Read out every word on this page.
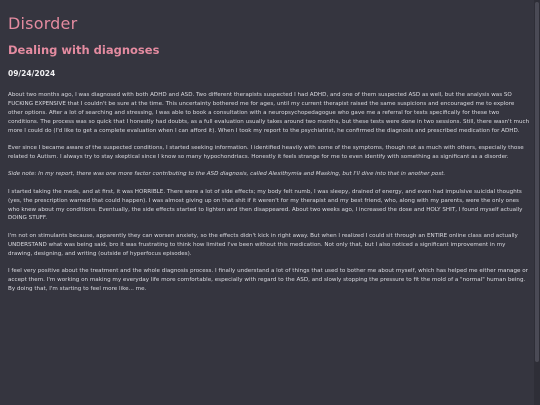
Disorder
Dealing with diagnoses
09/24/2024

About two months ago, I was diagnosed with both ADHD and ASD. Two different therapists suspected I had ADHD, and one of them suspected ASD as well, but the analysis was SO FUCKING EXPENSIVE that I couldn't be sure at the time. This uncertainty bothered me for ages, until my current therapist raised the same suspicions and encouraged me to explore other options. After a lot of searching and stressing, I was able to book a consultation with a neuropsychopedagogue who gave me a referral for tests specifically for these two conditions. The process was so quick that I honestly had doubts, as a full evaluation usually takes around two months, but these tests were done in two sessions. Still, there wasn't much more I could do (I'd like to get a complete evaluation when I can afford it). When I took my report to the psychiatrist, he confirmed the diagnosis and prescribed medication for ADHD.

Ever since I became aware of the suspected conditions, I started seeking information. I identified heavily with some of the symptoms, though not as much with others, especially those related to Autism. I always try to stay skeptical since I know so many hypochondriacs. Honestly it feels strange for me to even identify with something as significant as a disorder.

Side note: In my report, there was one more factor contributing to the ASD diagnosis, called Alexithymia and Masking, but I'll dive into that in another post.

I started taking the meds, and at first, it was HORRIBLE. There were a lot of side effects; my body felt numb, I was sleepy, drained of energy, and even had impulsive suicidal thoughts (yes, the prescription warned that could happen). I was almost giving up on that shit if it weren't for my therapist and my best friend, who, along with my parents, were the only ones who knew about my conditions. Eventually, the side effects started to lighten and then disappeared. About two weeks ago, I increased the dose and HOLY SHIT, I found myself actually DOING STUFF.

I'm not on stimulants because, apparently they can worsen anxiety, so the effects didn't kick in right away. But when I realized I could sit through an ENTIRE online class and actually UNDERSTAND what was being said, bro it was frustrating to think how limited I've been without this medication. Not only that, but I also noticed a significant improvement in my drawing, designing, and writing (outside of hyperfocus episodes).

I feel very positive about the treatment and the whole diagnosis process. I finally understand a lot of things that used to bother me about myself, which has helped me either manage or accept them. I'm working on making my everyday life more comfortable, especially with regard to the ASD, and slowly stopping the pressure to fit the mold of a "normal" human being. By doing that, I'm starting to feel more like... me.
